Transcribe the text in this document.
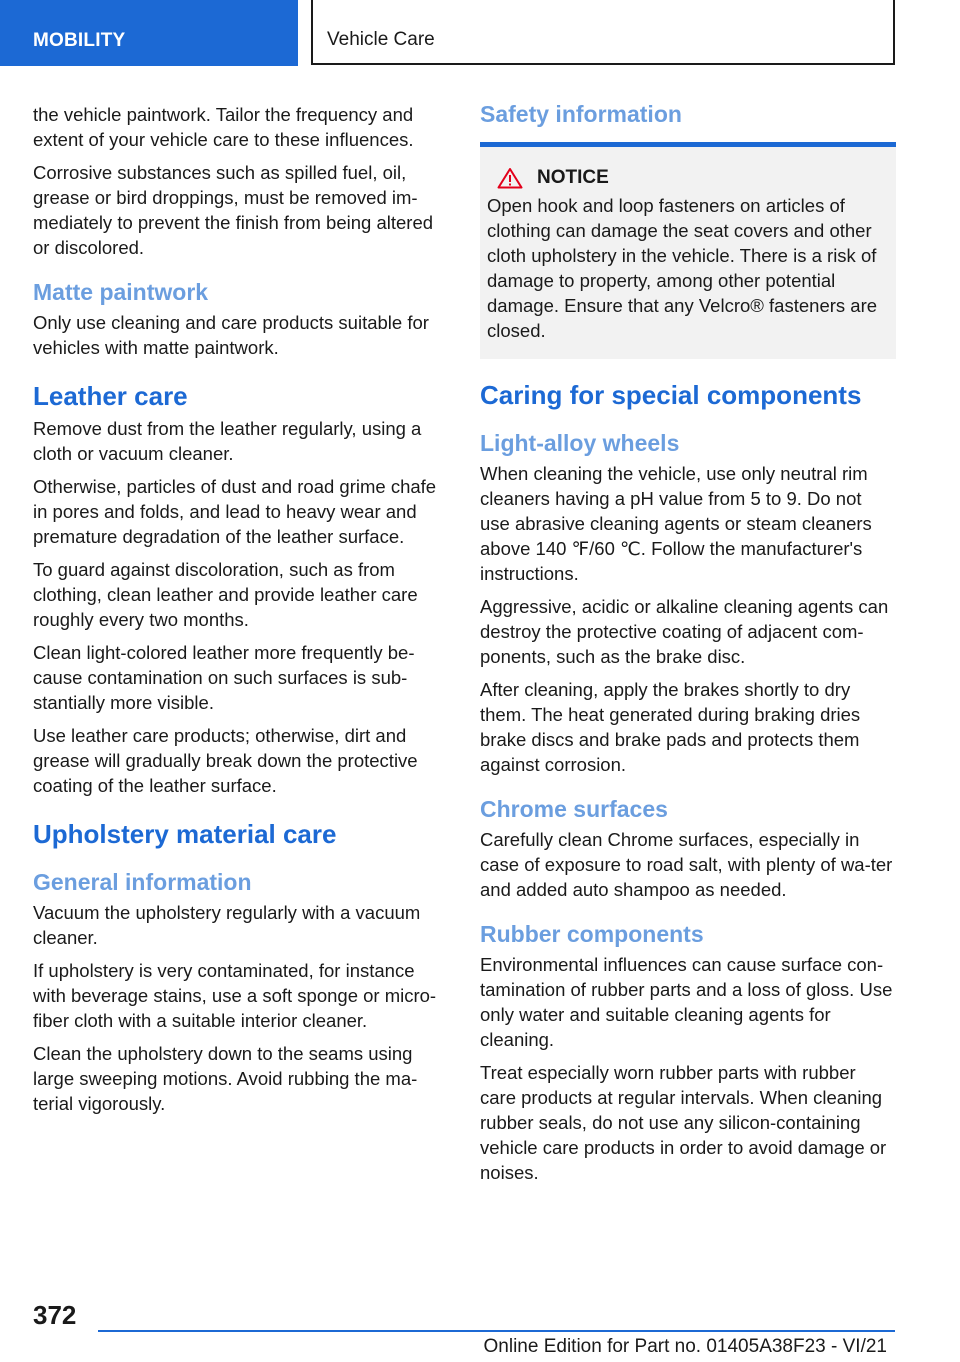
MOBILITY	Vehicle Care

the vehicle paintwork. Tailor the frequency and extent of your vehicle care to these influences.

Corrosive substances such as spilled fuel, oil, grease or bird droppings, must be removed im‐mediately to prevent the finish from being altered or discolored.

Matte paintwork

Only use cleaning and care products suitable for vehicles with matte paintwork.

Leather care

Remove dust from the leather regularly, using a cloth or vacuum cleaner.

Otherwise, particles of dust and road grime chafe in pores and folds, and lead to heavy wear and premature degradation of the leather surface.

To guard against discoloration, such as from clothing, clean leather and provide leather care roughly every two months.

Clean light-colored leather more frequently be‐cause contamination on such surfaces is sub‐stantially more visible.

Use leather care products; otherwise, dirt and grease will gradually break down the protective coating of the leather surface.

Upholstery material care
General information

Vacuum the upholstery regularly with a vacuum cleaner.

If upholstery is very contaminated, for instance with beverage stains, use a soft sponge or micro‐fiber cloth with a suitable interior cleaner.

Clean the upholstery down to the seams using large sweeping motions. Avoid rubbing the ma‐terial vigorously.

Safety information
NOTICE

Open hook and loop fasteners on articles of clothing can damage the seat covers and other cloth upholstery in the vehicle. There is a risk of damage to property, among other potential damage. Ensure that any Velcro® fasteners are closed.

Caring for special components
Light-alloy wheels

When cleaning the vehicle, use only neutral rim cleaners having a pH value from 5 to 9. Do not use abrasive cleaning agents or steam cleaners above 140 ℉/60 ℃. Follow the manufacturer's instructions.

Aggressive, acidic or alkaline cleaning agents can destroy the protective coating of adjacent com‐ponents, such as the brake disc.

After cleaning, apply the brakes shortly to dry them. The heat generated during braking dries brake discs and brake pads and protects them against corrosion.

Chrome surfaces

Carefully clean Chrome surfaces, especially in case of exposure to road salt, with plenty of wa‐ter and added auto shampoo as needed.

Rubber components

Environmental influences can cause surface con‐tamination of rubber parts and a loss of gloss. Use only water and suitable cleaning agents for cleaning.

Treat especially worn rubber parts with rubber care products at regular intervals. When cleaning rubber seals, do not use any silicon-containing vehicle care products in order to avoid damage or noises.

372
Online Edition for Part no. 01405A38F23 - VI/21
